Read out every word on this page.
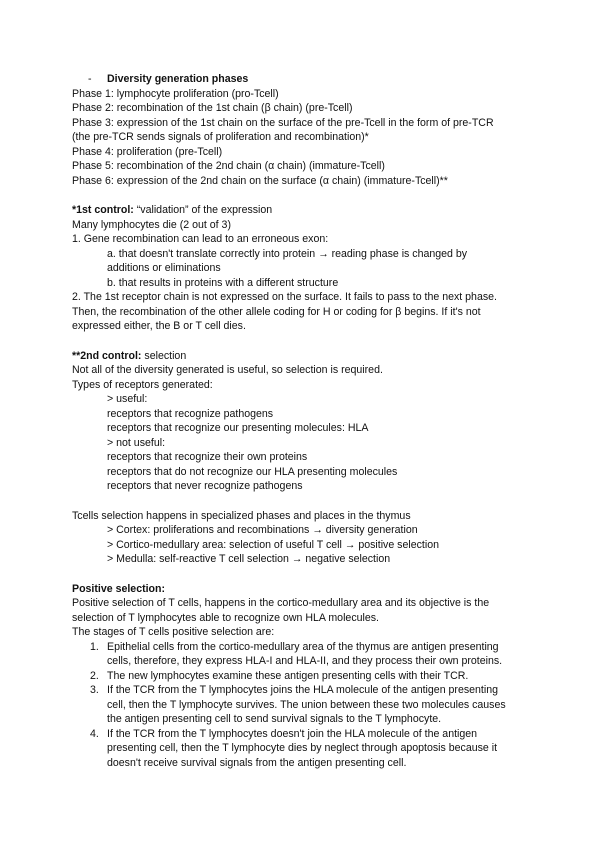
- Diversity generation phases
Phase 1: lymphocyte proliferation (pro-Tcell)
Phase 2: recombination of the 1st chain (β chain) (pre-Tcell)
Phase 3: expression of the 1st chain on the surface of the pre-Tcell in the form of pre-TCR
(the pre-TCR sends signals of proliferation and recombination)*
Phase 4: proliferation (pre-Tcell)
Phase 5: recombination of the 2nd chain (α chain) (immature-Tcell)
Phase 6: expression of the 2nd chain on the surface (α chain) (immature-Tcell)**
*1st control: “validation” of the expression
Many lymphocytes die (2 out of 3)
1. Gene recombination can lead to an erroneous exon:
a. that doesn't translate correctly into protein → reading phase is changed by
additions or eliminations
b. that results in proteins with a different structure
2. The 1st receptor chain is not expressed on the surface. It fails to pass to the next phase.
Then, the recombination of the other allele coding for H or coding for β begins. If it's not
expressed either, the B or T cell dies.
**2nd control: selection
Not all of the diversity generated is useful, so selection is required.
Types of receptors generated:
> useful:
receptors that recognize pathogens
receptors that recognize our presenting molecules: HLA
> not useful:
receptors that recognize their own proteins
receptors that do not recognize our HLA presenting molecules
receptors that never recognize pathogens
Tcells selection happens in specialized phases and places in the thymus
> Cortex: proliferations and recombinations → diversity generation
> Cortico-medullary area: selection of useful T cell → positive selection
> Medulla: self-reactive T cell selection → negative selection
Positive selection:
Positive selection of T cells, happens in the cortico-medullary area and its objective is the
selection of T lymphocytes able to recognize own HLA molecules.
The stages of T cells positive selection are:
1. Epithelial cells from the cortico-medullary area of the thymus are antigen presenting
cells, therefore, they express HLA-I and HLA-II, and they process their own proteins.
2. The new lymphocytes examine these antigen presenting cells with their TCR.
3. If the TCR from the T lymphocytes joins the HLA molecule of the antigen presenting
cell, then the T lymphocyte survives. The union between these two molecules causes
the antigen presenting cell to send survival signals to the T lymphocyte.
4. If the TCR from the T lymphocytes doesn't join the HLA molecule of the antigen
presenting cell, then the T lymphocyte dies by neglect through apoptosis because it
doesn't receive survival signals from the antigen presenting cell.
